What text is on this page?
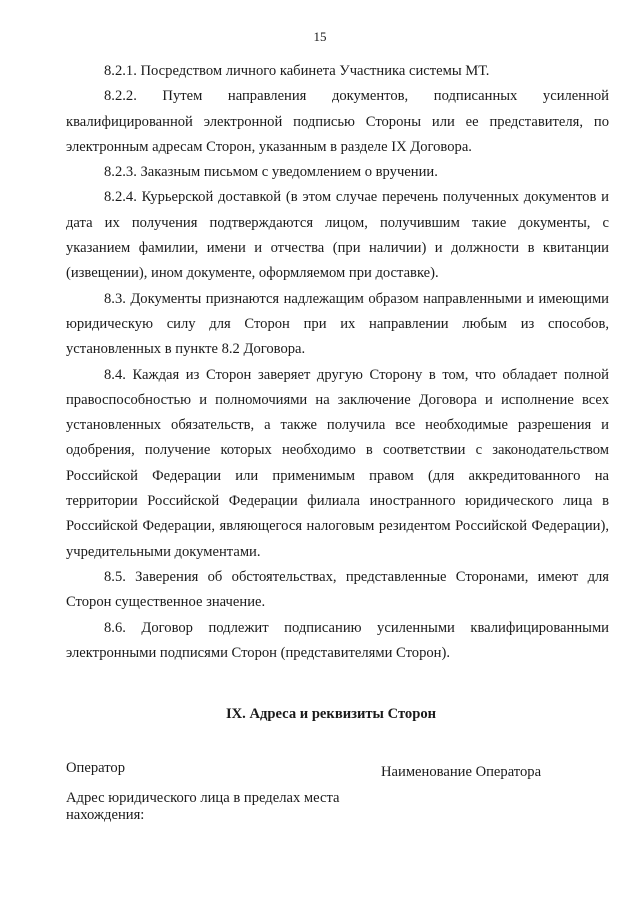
15

8.2.1. Посредством личного кабинета Участника системы МТ.

8.2.2. Путем направления документов, подписанных усиленной квалифицированной электронной подписью Стороны или ее представителя, по электронным адресам Сторон, указанным в разделе IX Договора.

8.2.3. Заказным письмом с уведомлением о вручении.

8.2.4. Курьерской доставкой (в этом случае перечень полученных документов и дата их получения подтверждаются лицом, получившим такие документы, с указанием фамилии, имени и отчества (при наличии) и должности в квитанции (извещении), ином документе, оформляемом при доставке).

8.3. Документы признаются надлежащим образом направленными и имеющими юридическую силу для Сторон при их направлении любым из способов, установленных в пункте 8.2 Договора.

8.4. Каждая из Сторон заверяет другую Сторону в том, что обладает полной правоспособностью и полномочиями на заключение Договора и исполнение всех установленных обязательств, а также получила все необходимые разрешения и одобрения, получение которых необходимо в соответствии с законодательством Российской Федерации или применимым правом (для аккредитованного на территории Российской Федерации филиала иностранного юридического лица в Российской Федерации, являющегося налоговым резидентом Российской Федерации), учредительными документами.

8.5. Заверения об обстоятельствах, представленные Сторонами, имеют для Сторон существенное значение.

8.6. Договор подлежит подписанию усиленными квалифицированными электронными подписями Сторон (представителями Сторон).

IX. Адреса и реквизиты Сторон
Оператор	Наименование Оператора
Адрес юридического лица в пределах места нахождения:
